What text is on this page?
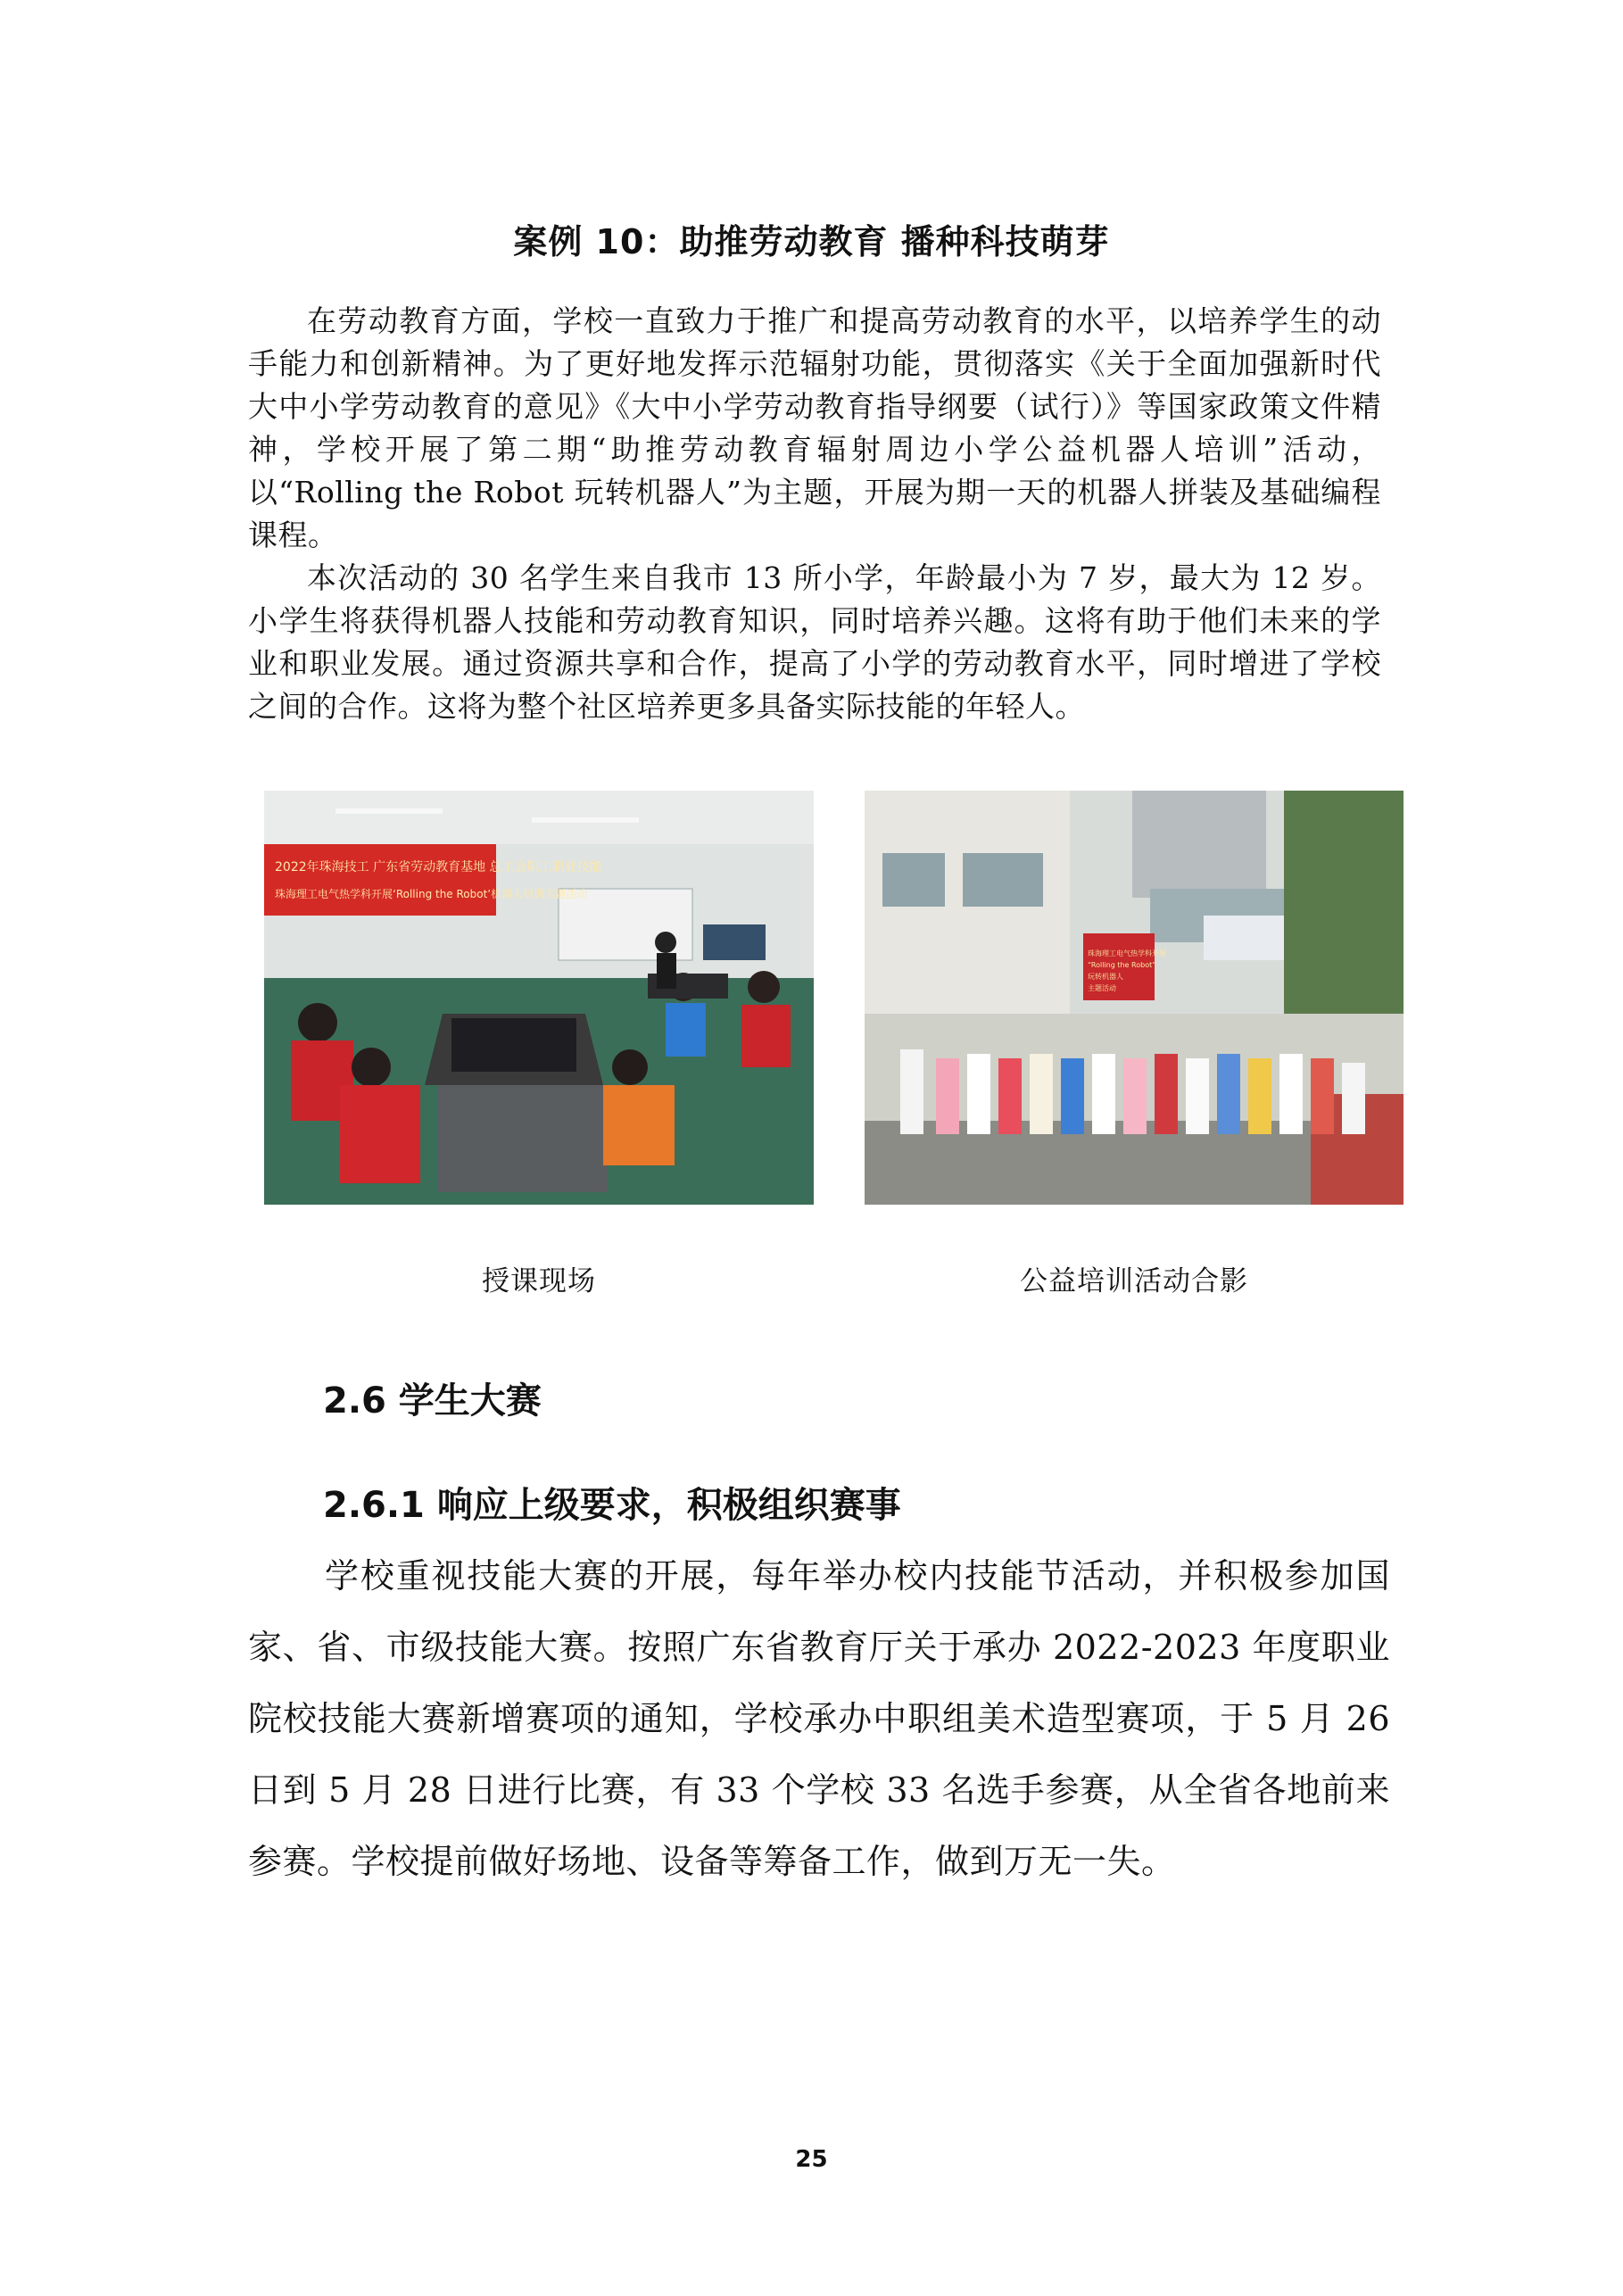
案例 10：助推劳动教育 播种科技萌芽
在劳动教育方面，学校一直致力于推广和提高劳动教育的水平，以培养学生的动手能力和创新精神。为了更好地发挥示范辐射功能，贯彻落实《关于全面加强新时代大中小学劳动教育的意见》《大中小学劳动教育指导纲要（试行）》等国家政策文件精神，学校开展了第二期“助推劳动教育辐射周边小学公益机器人培训”活动，以“Rolling the Robot 玩转机器人”为主题，开展为期一天的机器人拼装及基础编程课程。
本次活动的 30 名学生来自我市 13 所小学，年龄最小为 7 岁，最大为 12 岁。小学生将获得机器人技能和劳动教育知识，同时培养兴趣。这将有助于他们未来的学业和职业发展。通过资源共享和合作，提高了小学的劳动教育水平，同时增进了学校之间的合作。这将为整个社区培养更多具备实际技能的年轻人。
2022年珠海技工 广东省劳动教育基地 总工会职工职业技能
珠海理工电气热学科开展‘Rolling the Robot’机器人培训主题活动
珠海理工电气热学科开展
“Rolling the Robot”
玩转机器人
主题活动
授课现场	公益培训活动合影
2.6 学生大赛
2.6.1 响应上级要求，积极组织赛事
学校重视技能大赛的开展，每年举办校内技能节活动，并积极参加国家、省、市级技能大赛。按照广东省教育厅关于承办 2022-2023 年度职业院校技能大赛新增赛项的通知，学校承办中职组美术造型赛项，于 5 月 26 日到 5 月 28 日进行比赛，有 33 个学校 33 名选手参赛，从全省各地前来参赛。学校提前做好场地、设备等筹备工作，做到万无一失。
25
